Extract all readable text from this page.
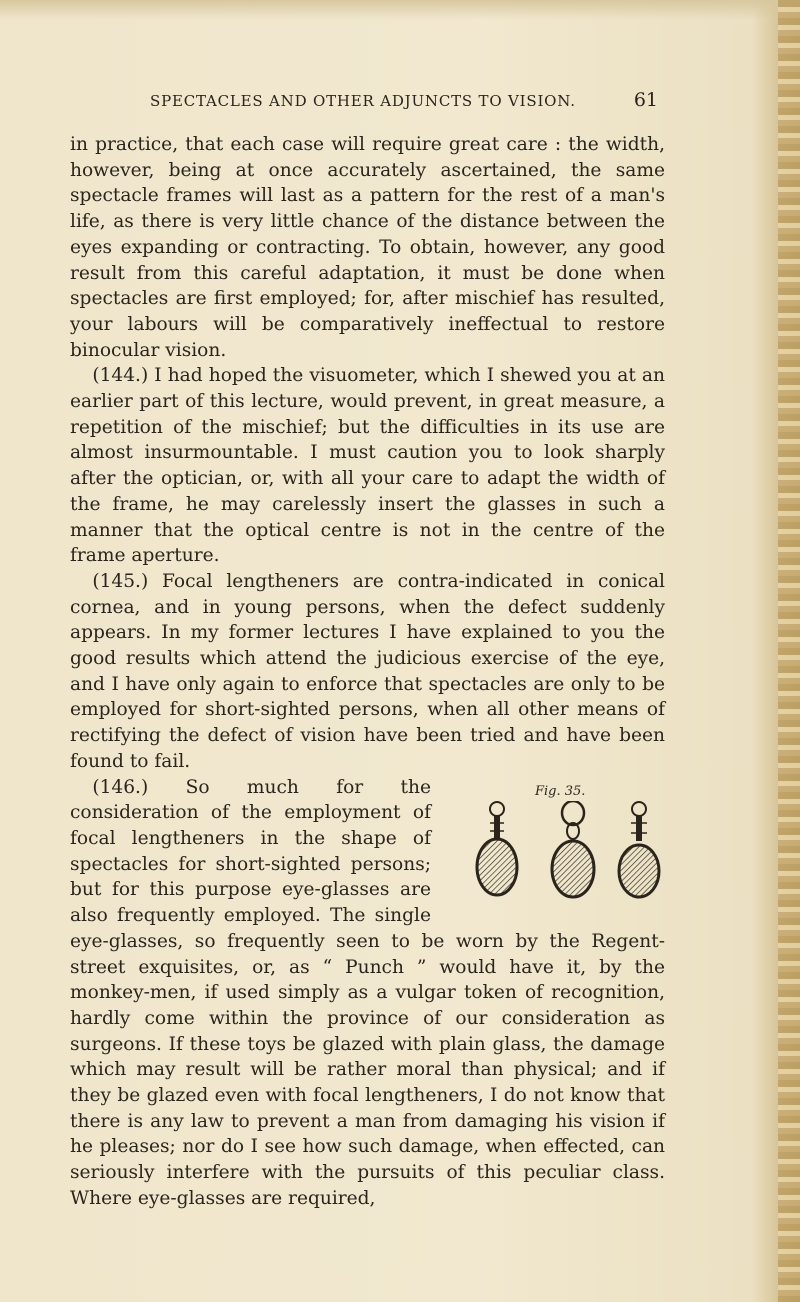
SPECTACLES AND OTHER ADJUNCTS TO VISION.	61

in practice, that each case will require great care : the width, however, being at once accurately ascertained, the same spectacle frames will last as a pattern for the rest of a man's life, as there is very little chance of the distance between the eyes expanding or contracting. To obtain, however, any good result from this careful adaptation, it must be done when spectacles are first employed; for, after mischief has resulted, your labours will be comparatively ineffectual to restore binocular vision.

(144.) I had hoped the visuometer, which I shewed you at an earlier part of this lecture, would prevent, in great measure, a repetition of the mischief; but the difficulties in its use are almost insurmountable. I must caution you to look sharply after the optician, or, with all your care to adapt the width of the frame, he may carelessly insert the glasses in such a manner that the optical centre is not in the centre of the frame aperture.

(145.) Focal lengtheners are contra-indicated in conical cornea, and in young persons, when the defect suddenly appears. In my former lectures I have explained to you the good results which attend the judicious exercise of the eye, and I have only again to enforce that spectacles are only to be employed for short-sighted persons, when all other means of rectifying the defect of vision have been tried and have been found to fail.

Fig. 35.

(146.) So much for the consideration of the employment of focal lengtheners in the shape of spectacles for short-sighted persons; but for this purpose eye-glasses are also frequently employed. The single eye-glasses, so frequently seen to be worn by the Regent-street exquisites, or, as “ Punch ” would have it, by the monkey-men, if used simply as a vulgar token of recognition, hardly come within the province of our consideration as surgeons. If these toys be glazed with plain glass, the damage which may result will be rather moral than physical; and if they be glazed even with focal lengtheners, I do not know that there is any law to prevent a man from damaging his vision if he pleases; nor do I see how such damage, when effected, can seriously interfere with the pursuits of this peculiar class. Where eye-glasses are required,
